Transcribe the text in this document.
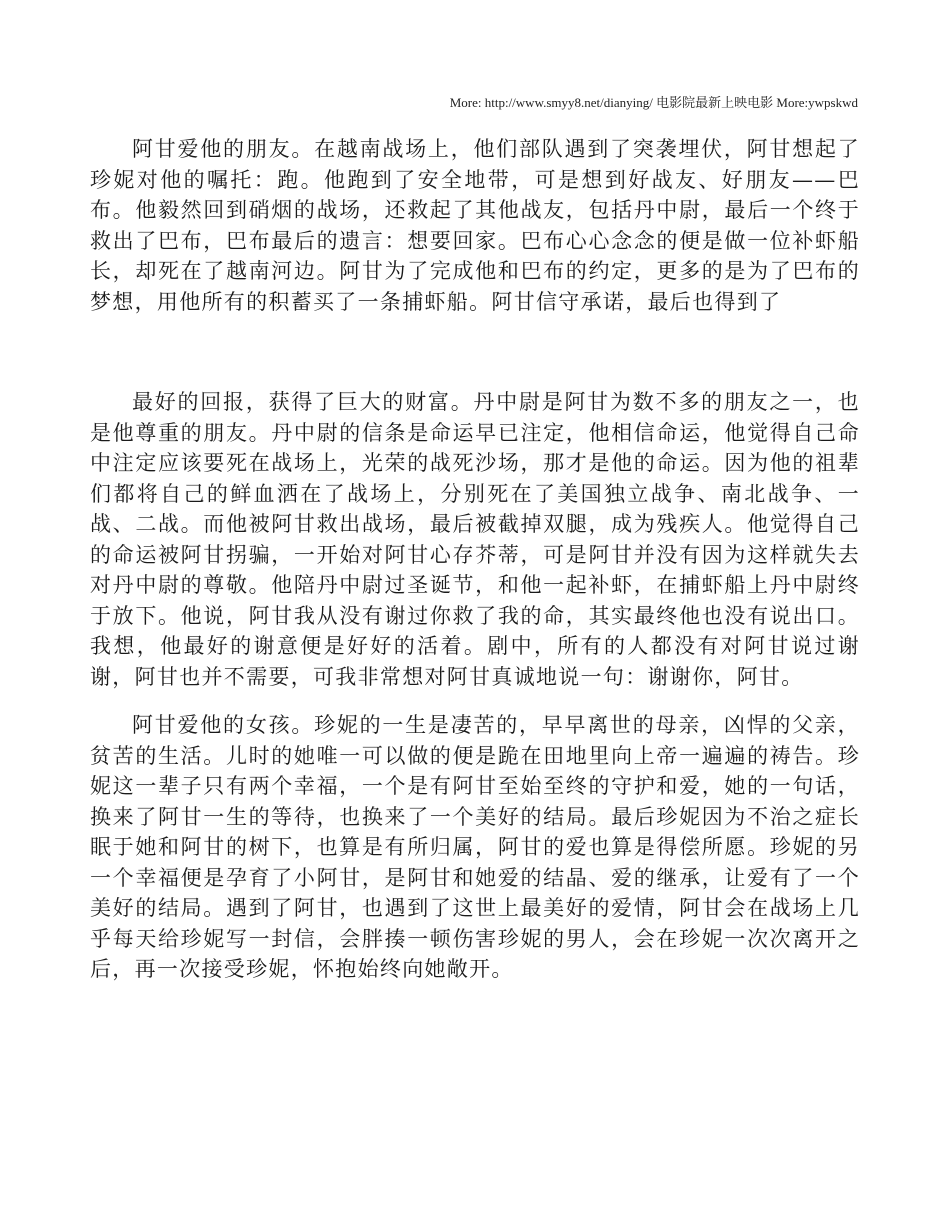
More: http://www.smyy8.net/dianying/ 电影院最新上映电影 More:ywpskwd

阿甘爱他的朋友。在越南战场上，他们部队遇到了突袭埋伏，阿甘想起了珍妮对他的嘱托：跑。他跑到了安全地带，可是想到好战友、好朋友——巴布。他毅然回到硝烟的战场，还救起了其他战友，包括丹中尉，最后一个终于救出了巴布，巴布最后的遗言：想要回家。巴布心心念念的便是做一位补虾船长，却死在了越南河边。阿甘为了完成他和巴布的约定，更多的是为了巴布的梦想，用他所有的积蓄买了一条捕虾船。阿甘信守承诺，最后也得到了

最好的回报，获得了巨大的财富。丹中尉是阿甘为数不多的朋友之一，也是他尊重的朋友。丹中尉的信条是命运早已注定，他相信命运，他觉得自己命中注定应该要死在战场上，光荣的战死沙场，那才是他的命运。因为他的祖辈们都将自己的鲜血洒在了战场上，分别死在了美国独立战争、南北战争、一战、二战。而他被阿甘救出战场，最后被截掉双腿，成为残疾人。他觉得自己的命运被阿甘拐骗，一开始对阿甘心存芥蒂，可是阿甘并没有因为这样就失去对丹中尉的尊敬。他陪丹中尉过圣诞节，和他一起补虾，在捕虾船上丹中尉终于放下。他说，阿甘我从没有谢过你救了我的命，其实最终他也没有说出口。我想，他最好的谢意便是好好的活着。剧中，所有的人都没有对阿甘说过谢谢，阿甘也并不需要，可我非常想对阿甘真诚地说一句：谢谢你，阿甘。

阿甘爱他的女孩。珍妮的一生是凄苦的，早早离世的母亲，凶悍的父亲，贫苦的生活。儿时的她唯一可以做的便是跪在田地里向上帝一遍遍的祷告。珍妮这一辈子只有两个幸福，一个是有阿甘至始至终的守护和爱，她的一句话，换来了阿甘一生的等待，也换来了一个美好的结局。最后珍妮因为不治之症长眠于她和阿甘的树下，也算是有所归属，阿甘的爱也算是得偿所愿。珍妮的另一个幸福便是孕育了小阿甘，是阿甘和她爱的结晶、爱的继承，让爱有了一个美好的结局。遇到了阿甘，也遇到了这世上最美好的爱情，阿甘会在战场上几乎每天给珍妮写一封信，会胖揍一顿伤害珍妮的男人，会在珍妮一次次离开之后，再一次接受珍妮，怀抱始终向她敞开。
